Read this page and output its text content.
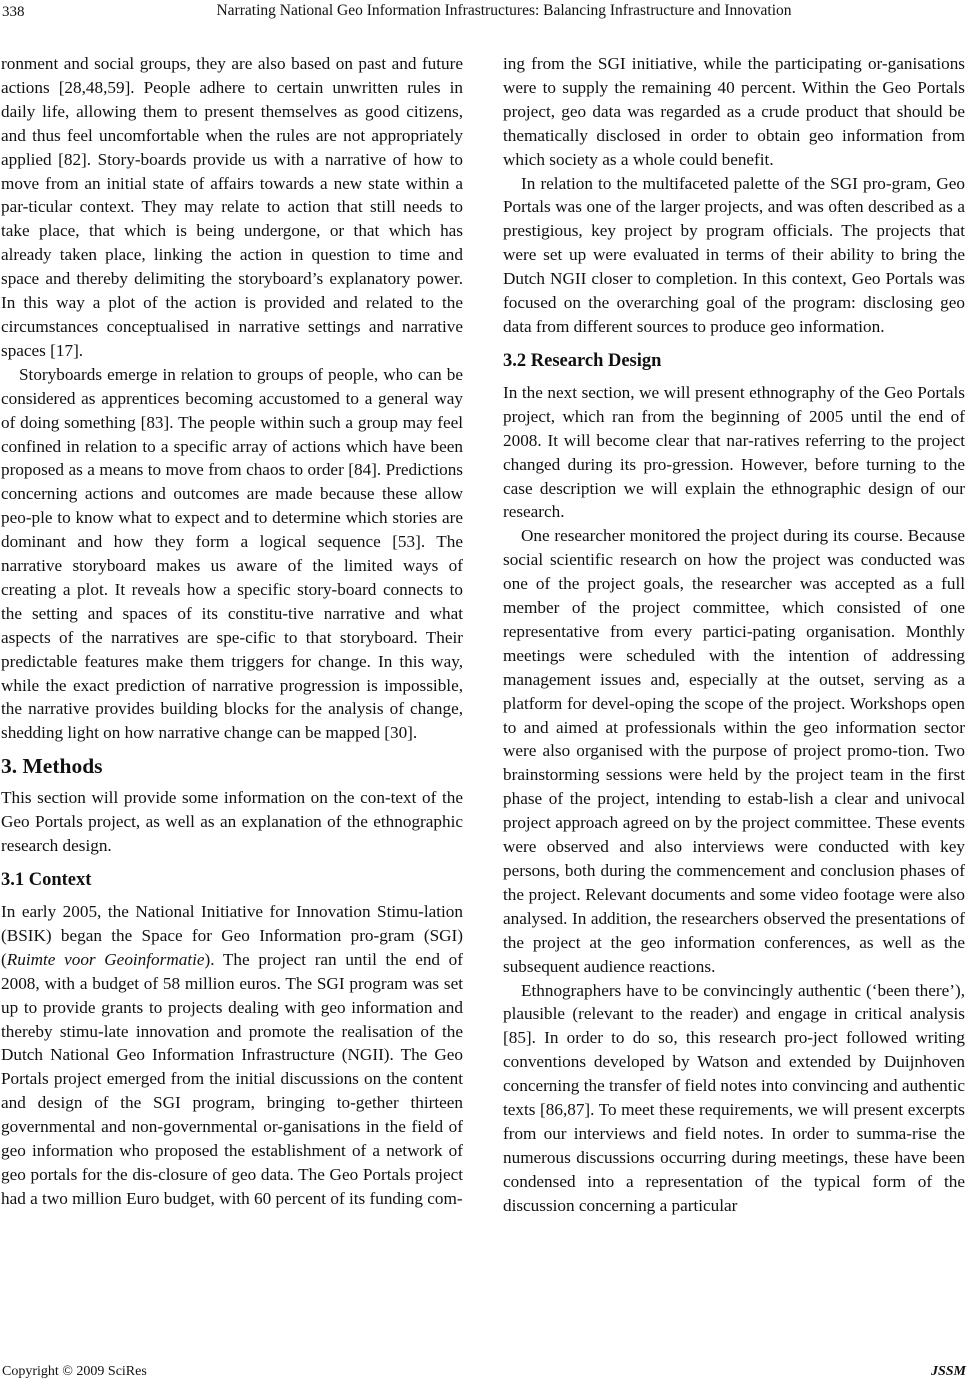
338	Narrating National Geo Information Infrastructures: Balancing Infrastructure and Innovation

ronment and social groups, they are also based on past and future actions [28,48,59]. People adhere to certain unwritten rules in daily life, allowing them to present themselves as good citizens, and thus feel uncomfortable when the rules are not appropriately applied [82]. Story-boards provide us with a narrative of how to move from an initial state of affairs towards a new state within a par-ticular context. They may relate to action that still needs to take place, that which is being undergone, or that which has already taken place, linking the action in question to time and space and thereby delimiting the storyboard’s explanatory power. In this way a plot of the action is provided and related to the circumstances conceptualised in narrative settings and narrative spaces [17].

Storyboards emerge in relation to groups of people, who can be considered as apprentices becoming accustomed to a general way of doing something [83]. The people within such a group may feel confined in relation to a specific array of actions which have been proposed as a means to move from chaos to order [84]. Predictions concerning actions and outcomes are made because these allow peo-ple to know what to expect and to determine which stories are dominant and how they form a logical sequence [53]. The narrative storyboard makes us aware of the limited ways of creating a plot. It reveals how a specific story-board connects to the setting and spaces of its constitu-tive narrative and what aspects of the narratives are spe-cific to that storyboard. Their predictable features make them triggers for change. In this way, while the exact prediction of narrative progression is impossible, the narrative provides building blocks for the analysis of change, shedding light on how narrative change can be mapped [30].

3. Methods

This section will provide some information on the con-text of the Geo Portals project, as well as an explanation of the ethnographic research design.

3.1 Context

In early 2005, the National Initiative for Innovation Stimu-lation (BSIK) began the Space for Geo Information pro-gram (SGI) (Ruimte voor Geoinformatie). The project ran until the end of 2008, with a budget of 58 million euros. The SGI program was set up to provide grants to projects dealing with geo information and thereby stimu-late innovation and promote the realisation of the Dutch National Geo Information Infrastructure (NGII). The Geo Portals project emerged from the initial discussions on the content and design of the SGI program, bringing to-gether thirteen governmental and non-governmental or-ganisations in the field of geo information who proposed the establishment of a network of geo portals for the dis-closure of geo data. The Geo Portals project had a two million Euro budget, with 60 percent of its funding com-

ing from the SGI initiative, while the participating or-ganisations were to supply the remaining 40 percent. Within the Geo Portals project, geo data was regarded as a crude product that should be thematically disclosed in order to obtain geo information from which society as a whole could benefit.

In relation to the multifaceted palette of the SGI pro-gram, Geo Portals was one of the larger projects, and was often described as a prestigious, key project by program officials. The projects that were set up were evaluated in terms of their ability to bring the Dutch NGII closer to completion. In this context, Geo Portals was focused on the overarching goal of the program: disclosing geo data from different sources to produce geo information.

3.2 Research Design

In the next section, we will present ethnography of the Geo Portals project, which ran from the beginning of 2005 until the end of 2008. It will become clear that nar-ratives referring to the project changed during its pro-gression. However, before turning to the case description we will explain the ethnographic design of our research.

One researcher monitored the project during its course. Because social scientific research on how the project was conducted was one of the project goals, the researcher was accepted as a full member of the project committee, which consisted of one representative from every partici-pating organisation. Monthly meetings were scheduled with the intention of addressing management issues and, especially at the outset, serving as a platform for devel-oping the scope of the project. Workshops open to and aimed at professionals within the geo information sector were also organised with the purpose of project promo-tion. Two brainstorming sessions were held by the project team in the first phase of the project, intending to estab-lish a clear and univocal project approach agreed on by the project committee. These events were observed and also interviews were conducted with key persons, both during the commencement and conclusion phases of the project. Relevant documents and some video footage were also analysed. In addition, the researchers observed the presentations of the project at the geo information conferences, as well as the subsequent audience reactions.

Ethnographers have to be convincingly authentic (‘been there’), plausible (relevant to the reader) and engage in critical analysis [85]. In order to do so, this research pro-ject followed writing conventions developed by Watson and extended by Duijnhoven concerning the transfer of field notes into convincing and authentic texts [86,87]. To meet these requirements, we will present excerpts from our interviews and field notes. In order to summa-rise the numerous discussions occurring during meetings, these have been condensed into a representation of the typical form of the discussion concerning a particular

Copyright © 2009 SciRes	JSSM
